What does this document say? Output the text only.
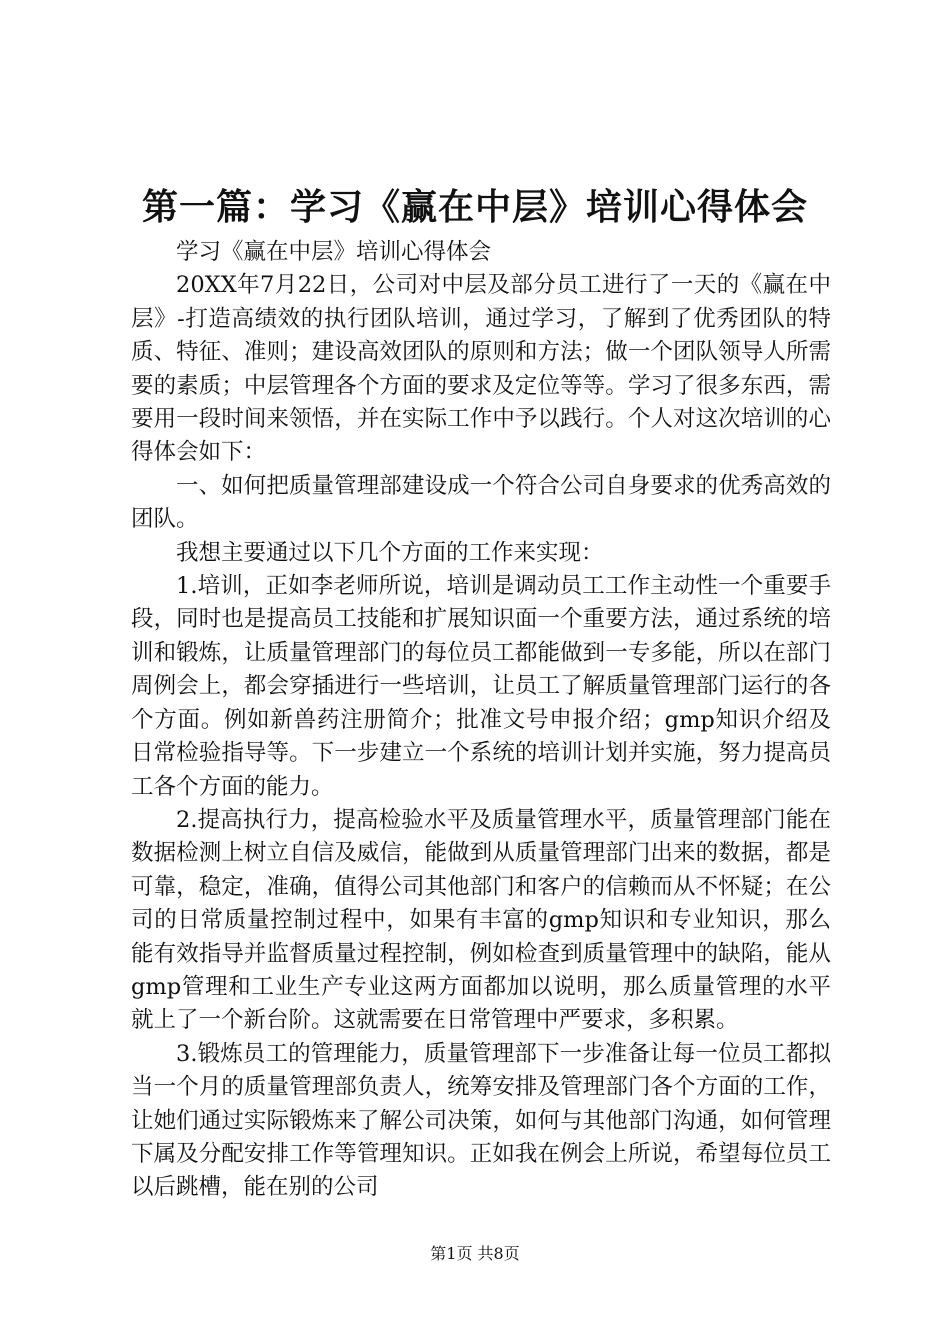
第一篇：学习《赢在中层》培训心得体会

学习《赢在中层》培训心得体会

20XX年7月22日，公司对中层及部分员工进行了一天的《赢在中层》-打造高绩效的执行团队培训，通过学习，了解到了优秀团队的特质、特征、准则；建设高效团队的原则和方法；做一个团队领导人所需要的素质；中层管理各个方面的要求及定位等等。学习了很多东西，需要用一段时间来领悟，并在实际工作中予以践行。个人对这次培训的心得体会如下：

一、如何把质量管理部建设成一个符合公司自身要求的优秀高效的团队。

我想主要通过以下几个方面的工作来实现：

1.培训，正如李老师所说，培训是调动员工工作主动性一个重要手段，同时也是提高员工技能和扩展知识面一个重要方法，通过系统的培训和锻炼，让质量管理部门的每位员工都能做到一专多能，所以在部门周例会上，都会穿插进行一些培训，让员工了解质量管理部门运行的各个方面。例如新兽药注册简介；批准文号申报介绍；gmp知识介绍及日常检验指导等。下一步建立一个系统的培训计划并实施，努力提高员工各个方面的能力。

2.提高执行力，提高检验水平及质量管理水平，质量管理部门能在数据检测上树立自信及威信，能做到从质量管理部门出来的数据，都是可靠，稳定，准确，值得公司其他部门和客户的信赖而从不怀疑；在公司的日常质量控制过程中，如果有丰富的gmp知识和专业知识，那么能有效指导并监督质量过程控制，例如检查到质量管理中的缺陷，能从gmp管理和工业生产专业这两方面都加以说明，那么质量管理的水平就上了一个新台阶。这就需要在日常管理中严要求，多积累。

3.锻炼员工的管理能力，质量管理部下一步准备让每一位员工都拟当一个月的质量管理部负责人，统筹安排及管理部门各个方面的工作，让她们通过实际锻炼来了解公司决策，如何与其他部门沟通，如何管理下属及分配安排工作等管理知识。正如我在例会上所说，希望每位员工以后跳槽，能在别的公司

第1页 共8页
